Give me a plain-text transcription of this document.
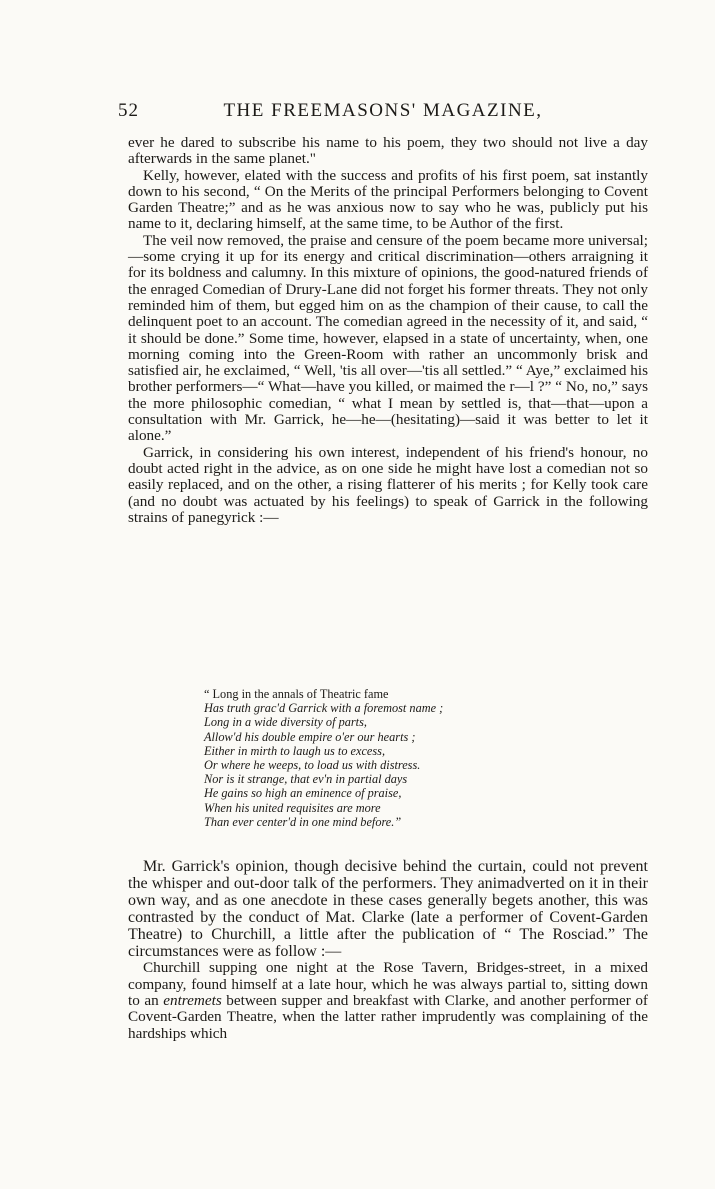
52	THE FREEMASONS' MAGAZINE,

ever he dared to subscribe his name to his poem, they two should not live a day afterwards in the same planet."

Kelly, however, elated with the success and profits of his first poem, sat instantly down to his second, “ On the Merits of the principal Performers belonging to Covent Garden Theatre;” and as he was anxious now to say who he was, publicly put his name to it, declaring himself, at the same time, to be Author of the first.

The veil now removed, the praise and censure of the poem became more universal;—some crying it up for its energy and critical discrimination—others arraigning it for its boldness and calumny. In this mixture of opinions, the good-natured friends of the enraged Comedian of Drury-Lane did not forget his former threats. They not only reminded him of them, but egged him on as the champion of their cause, to call the delinquent poet to an account. The comedian agreed in the necessity of it, and said, “ it should be done.” Some time, however, elapsed in a state of uncertainty, when, one morning coming into the Green-Room with rather an uncommonly brisk and satisfied air, he exclaimed, “ Well, 'tis all over—'tis all settled.” “ Aye,” exclaimed his brother performers—“ What—have you killed, or maimed the r—l ?” “ No, no,” says the more philosophic comedian, “ what I mean by settled is, that—that—upon a consultation with Mr. Garrick, he—he—(hesitating)—said it was better to let it alone.”

Garrick, in considering his own interest, independent of his friend's honour, no doubt acted right in the advice, as on one side he might have lost a comedian not so easily replaced, and on the other, a rising flatterer of his merits ; for Kelly took care (and no doubt was actuated by his feelings) to speak of Garrick in the following strains of panegyrick :—

“ Long in the annals of Theatric fame
Has truth grac'd Garrick with a foremost name ;
Long in a wide diversity of parts,
Allow'd his double empire o'er our hearts ;
Either in mirth to laugh us to excess,
Or where he weeps, to load us with distress.
Nor is it strange, that ev'n in partial days
He gains so high an eminence of praise,
When his united requisites are more
Than ever center'd in one mind before.”

Mr. Garrick's opinion, though decisive behind the curtain, could not prevent the whisper and out-door talk of the performers. They animadverted on it in their own way, and as one anecdote in these cases generally begets another, this was contrasted by the conduct of Mat. Clarke (late a performer of Covent-Garden Theatre) to Churchill, a little after the publication of “ The Rosciad.” The circumstances were as follow :—

Churchill supping one night at the Rose Tavern, Bridges-street, in a mixed company, found himself at a late hour, which he was always partial to, sitting down to an entremets between supper and breakfast with Clarke, and another performer of Covent-Garden Theatre, when the latter rather imprudently was complaining of the hardships which
